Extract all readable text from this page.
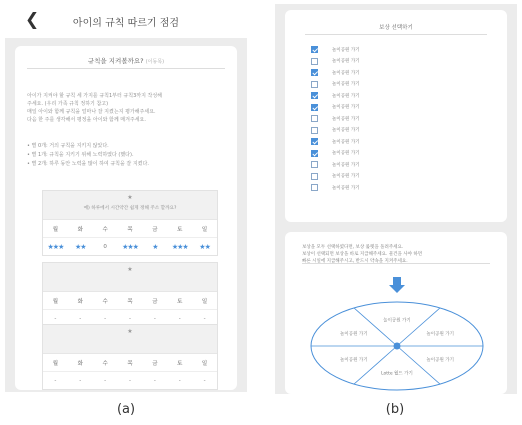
❮	아이의 규칙 따르기 점검
규칙을 지켜볼까요? (이동목)

아이가 지켜야 할 규칙 세 가지를 규칙1부터 규칙3까지 작성해

주세요. (우리 가족 규칙 정하기 참고)

매일 아이와 함께 규칙을 얼마나 잘 지켰는지 평가해주세요.

다음 한 주를 생각해서 평정을 아이와 함께 매겨주세요.

• 별 0개: 거의 규칙을 지키지 않았다.
• 별 1개: 규칙을 지키기 위해 노력하였다 (했다).
• 별 2개: 하루 동안 노력을 많이 하여 규칙을 잘 지켰다.
★
예) 하루에서 시간약간 쉽게 정해 주소 할까요?
월	화	수	목	금	토	일
★★★	★★	0	★★★	★	★★★	★★
★
월	화	수	목	금	토	일
-	-	-	-	-	-	-
★
월	화	수	목	금	토	일
-	-	-	-	-	-	-
보상 선택하기
놀이공원 가기
놀이공원 가기
놀이공원 가기
놀이공원 가기
놀이공원 가기
놀이공원 가기
놀이공원 가기
놀이공원 가기
놀이공원 가기
놀이공원 가기
놀이공원 가기
놀이공원 가기
놀이공원 가기

보상을 모두 선택하였다면, 보상 룰렛을 돌려주세요.

보상이 선택되면 보상을 바로 지급해주세요. 물건을 사야 하면

빠른 시일에 지급해주시고, 반드시 약속을 지켜주세요.

놀이공원 가기
놀이공원 가기
놀이공원 가기
Lotte 월드 가기
놀이공원 가기
놀이공원 가기
(a)	(b)
